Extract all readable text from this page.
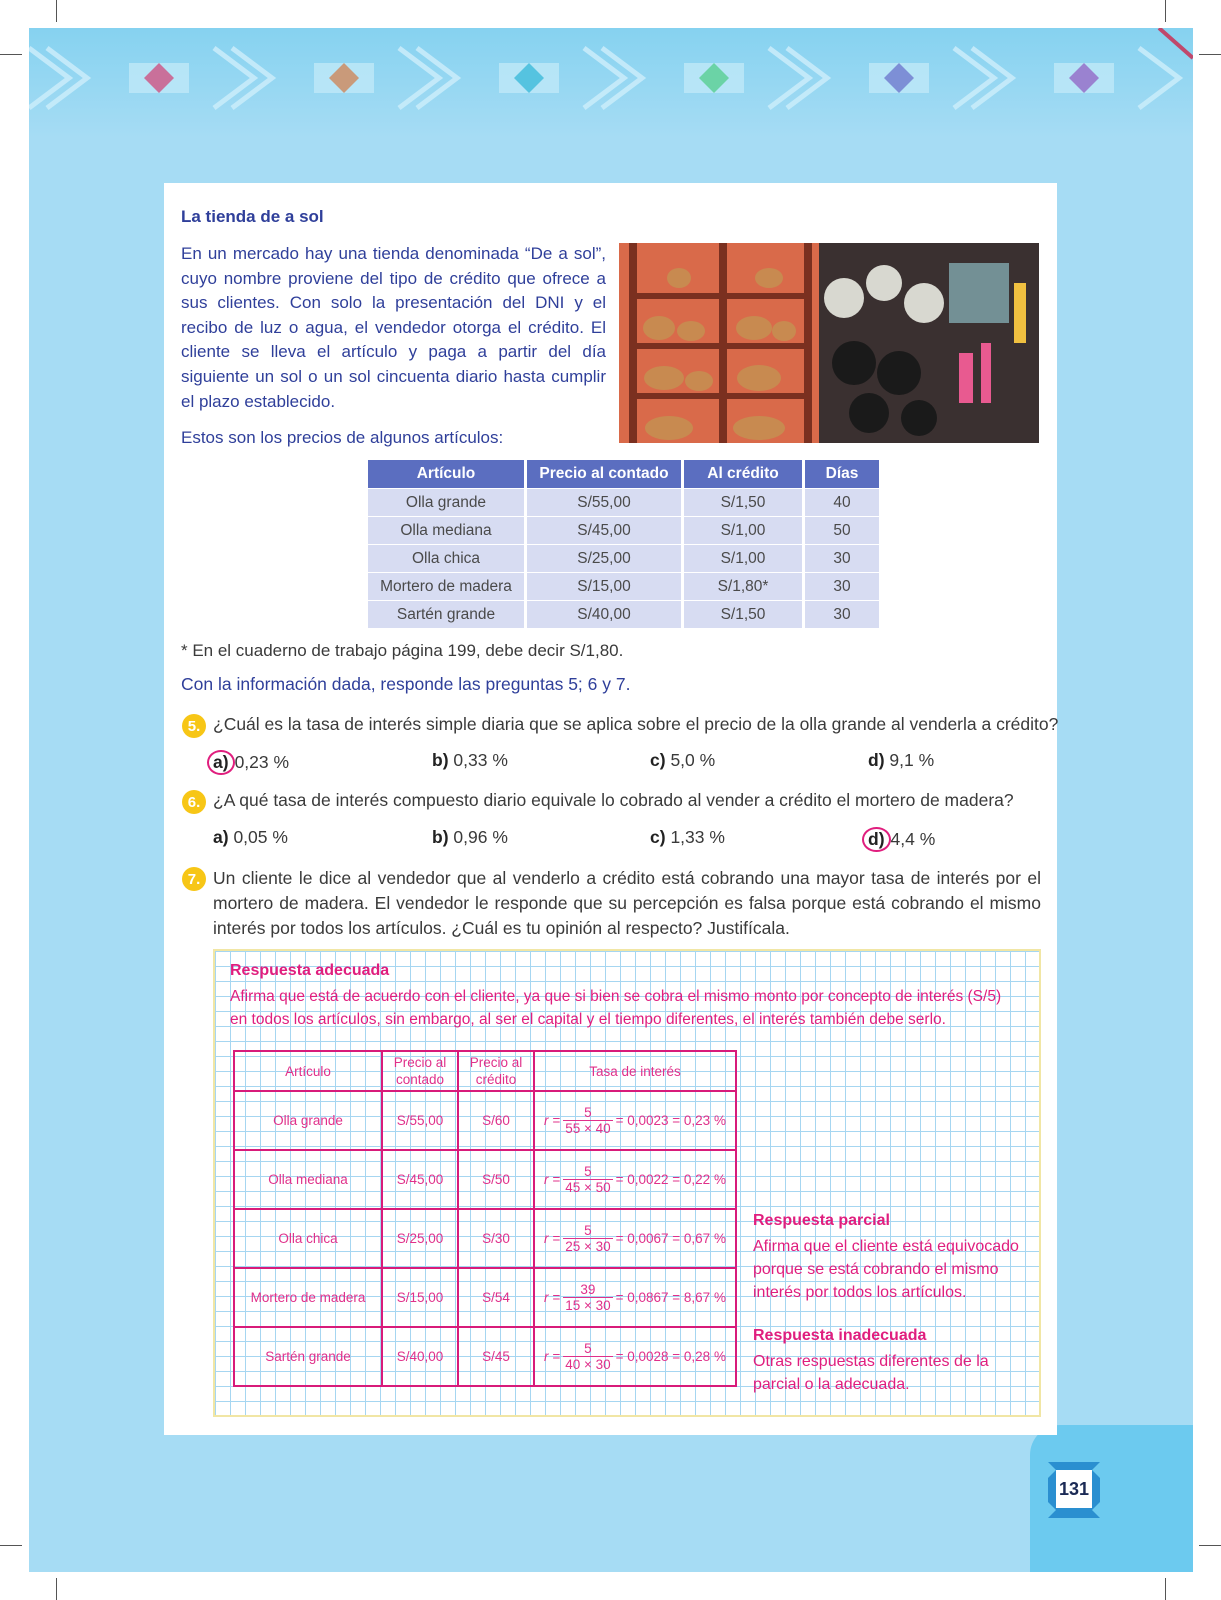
131
La tienda de a sol

En un mercado hay una tienda denominada “De a sol”, cuyo nombre proviene del tipo de crédito que ofrece a sus clientes. Con solo la presentación del DNI y el recibo de luz o agua, el vendedor otorga el crédito. El cliente se lleva el artículo y paga a partir del día siguiente un sol o un sol cincuenta diario hasta cumplir el plazo establecido.

Estos son los precios de algunos artículos:

Artículo	Precio al contado	Al crédito	Días
Olla grande	S/55,00	S/1,50	40
Olla mediana	S/45,00	S/1,00	50
Olla chica	S/25,00	S/1,00	30
Mortero de madera	S/15,00	S/1,80*	30
Sartén grande	S/40,00	S/1,50	30

* En el cuaderno de trabajo página 199, debe decir S/1,80.

Con la información dada, responde las preguntas 5; 6 y 7.

5. ¿Cuál es la tasa de interés simple diaria que se aplica sobre el precio de la olla grande al venderla a crédito?

a) 0,23 %	b) 0,33 %	c) 5,0 %	d) 9,1 %
6. ¿A qué tasa de interés compuesto diario equivale lo cobrado al vender a crédito el mortero de madera?

a) 0,05 %	b) 0,96 %	c) 1,33 %	d) 4,4 %
7. Un cliente le dice al vendedor que al venderlo a crédito está cobrando una mayor tasa de interés por el mortero de madera. El vendedor le responde que su percepción es falsa porque está cobrando el mismo interés por todos los artículos. ¿Cuál es tu opinión al respecto? Justifícala.

Respuesta adecuada

Afirma que está de acuerdo con el cliente, ya que si bien se cobra el mismo monto por concepto de interés (S/5) en todos los artículos, sin embargo, al ser el capital y el tiempo diferentes, el interés también debe serlo.

Artículo	Precio al contado	Precio al crédito	Tasa de interés
Olla grande	S/55,00	S/60	$r = \frac{5}{55 \times 40} = 0,0023 = 0,23$ %

Olla mediana	S/45,00	S/50	$r = \frac{5}{45 \times 50} = 0,0022 = 0,22$ %

Olla chica	S/25,00	S/30	$r = \frac{5}{25 \times 30} = 0,0067 = 0,67$ %

Mortero de madera	S/15,00	S/54	$r = \frac{39}{15 \times 30} = 0,0867 = 8,67$ %

Sartén grande	S/40,00	S/45	$r = \frac{5}{40 \times 30} = 0,0028 = 0,28$ %
Respuesta parcial

Afirma que el cliente está equivocado porque se está cobrando el mismo interés por todos los artículos.

Respuesta inadecuada

Otras respuestas diferentes de la parcial o la adecuada.
